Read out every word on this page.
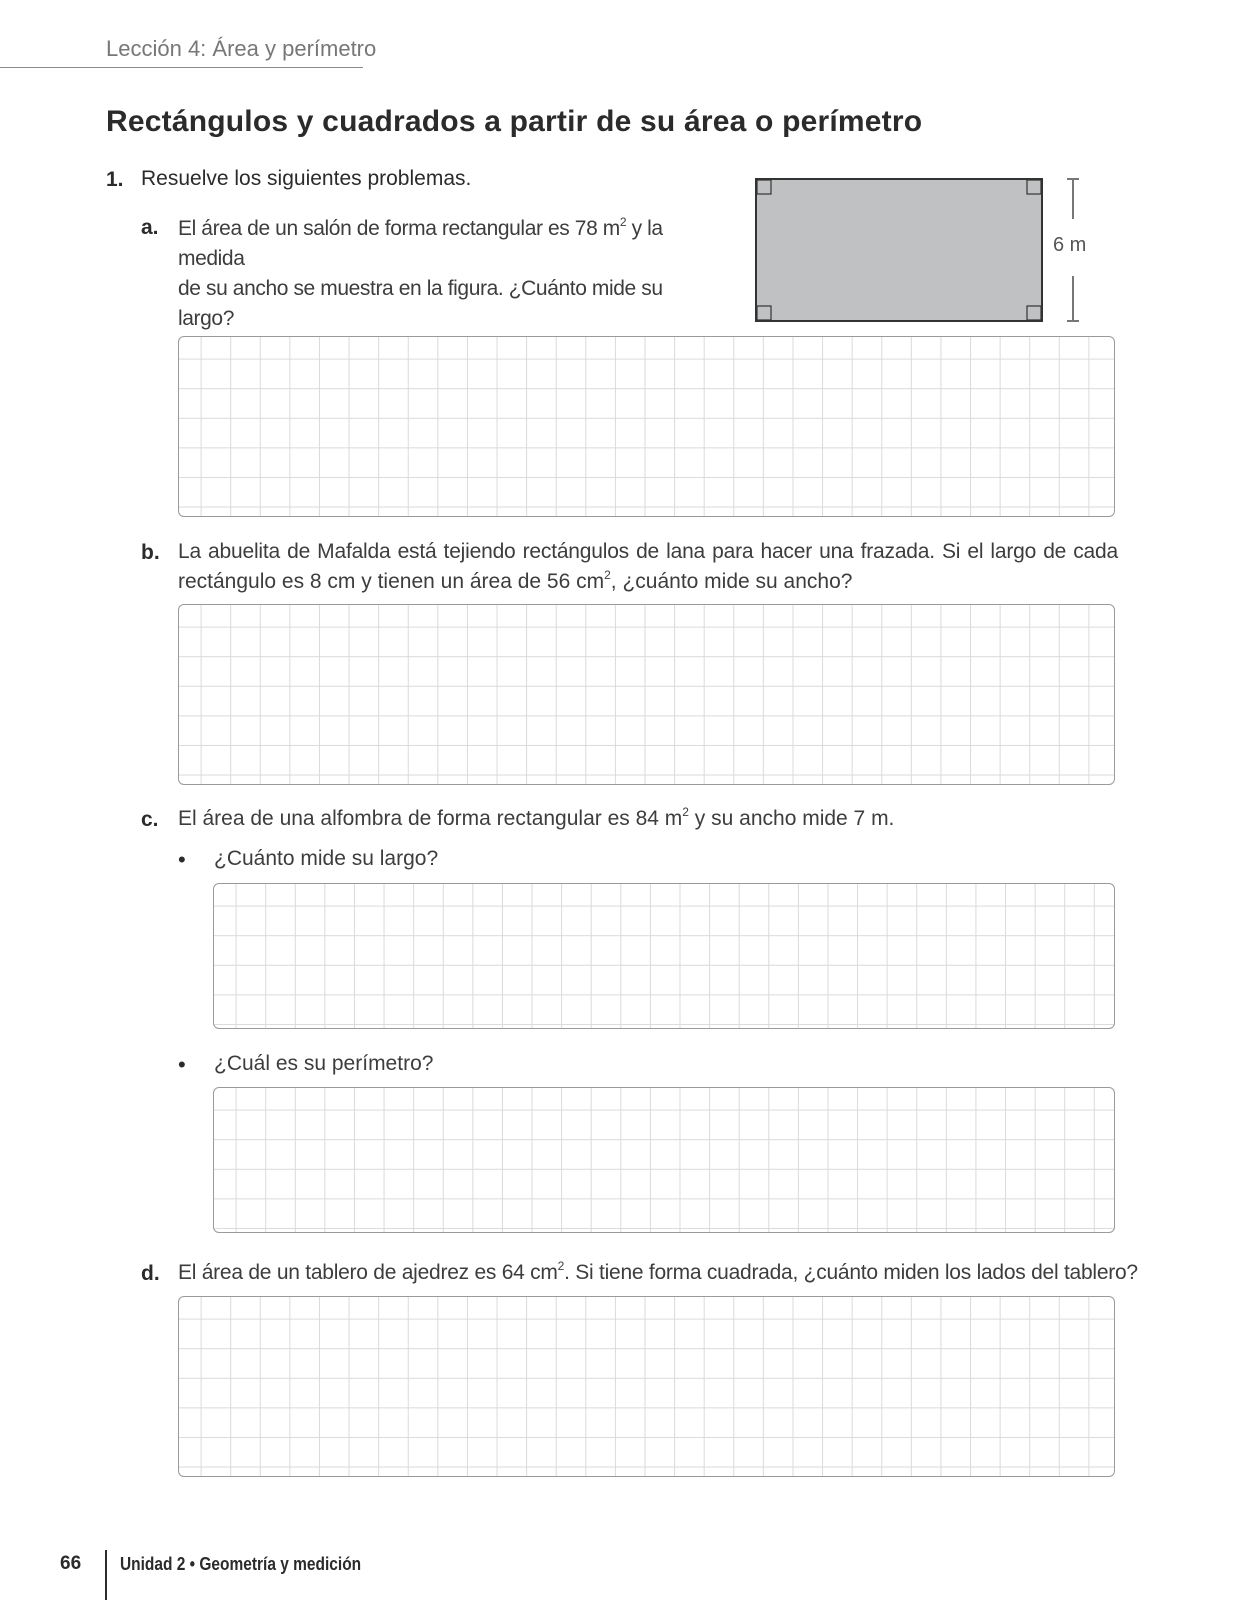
Lección 4: Área y perímetro
Rectángulos y cuadrados a partir de su área o perímetro
1. Resuelve los siguientes problemas.
a. El área de un salón de forma rectangular es 78 $m^2$ y la medida
de su ancho se muestra en la figura. ¿Cuánto mide su largo?
6 m
b. La abuelita de Mafalda está tejiendo rectángulos de lana para hacer una frazada. Si el largo de cada
rectángulo es 8 cm y tienen un área de 56 $cm^2$, ¿cuánto mide su ancho?
c. El área de una alfombra de forma rectangular es 84 $m^2$ y su ancho mide 7 m.
• ¿Cuánto mide su largo?
• ¿Cuál es su perímetro?
d. El área de un tablero de ajedrez es 64 $cm^2$. Si tiene forma cuadrada, ¿cuánto miden los lados del tablero?
66 Unidad 2 • Geometría y medición
